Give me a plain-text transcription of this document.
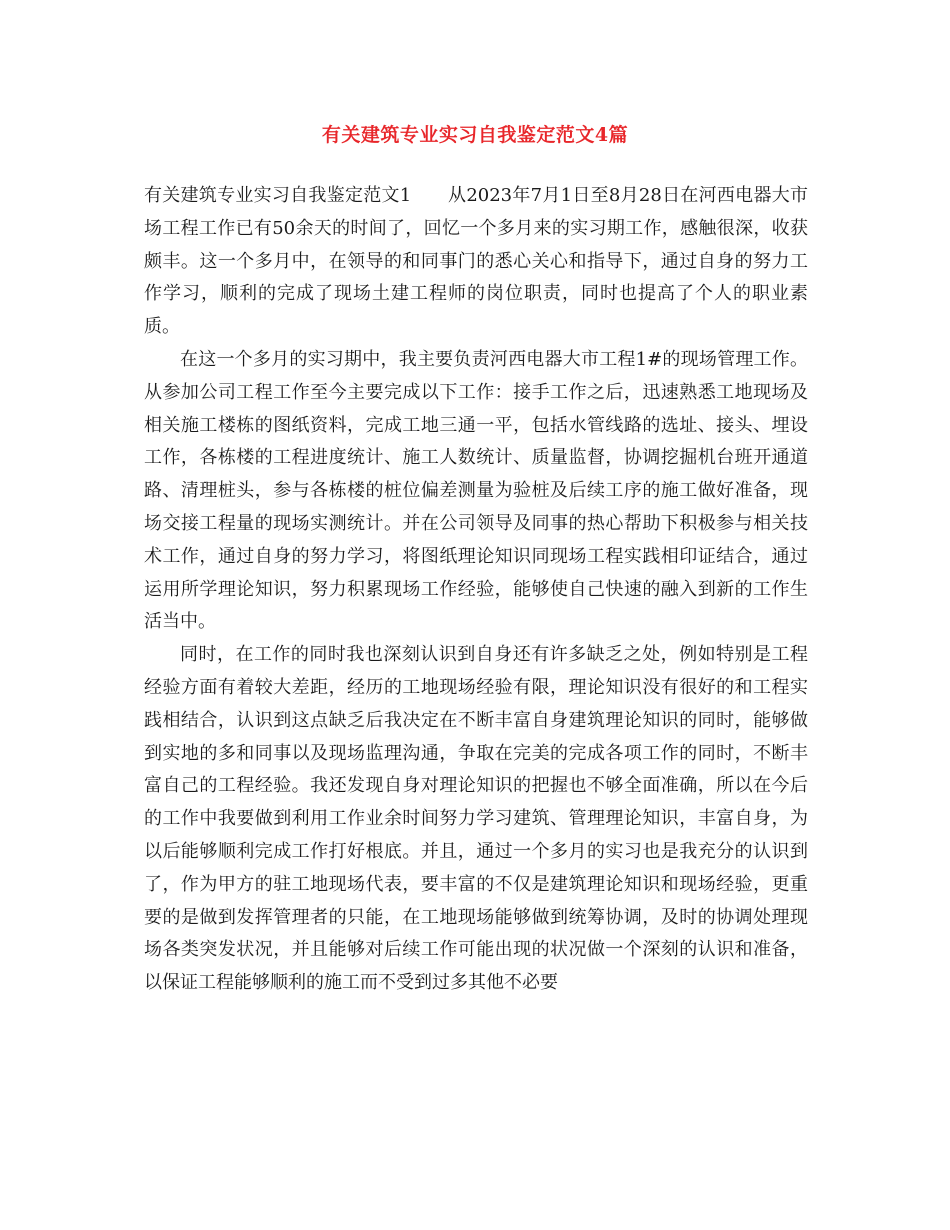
有关建筑专业实习自我鉴定范文4篇

有关建筑专业实习自我鉴定范文1　　从2023年7月1日至8月28日在河西电器大市场工程工作已有50余天的时间了，回忆一个多月来的实习期工作，感触很深，收获颇丰。这一个多月中，在领导的和同事门的悉心关心和指导下，通过自身的努力工作学习，顺利的完成了现场土建工程师的岗位职责，同时也提高了个人的职业素质。

在这一个多月的实习期中，我主要负责河西电器大市工程1#的现场管理工作。从参加公司工程工作至今主要完成以下工作：接手工作之后，迅速熟悉工地现场及相关施工楼栋的图纸资料，完成工地三通一平，包括水管线路的选址、接头、埋设工作，各栋楼的工程进度统计、施工人数统计、质量监督，协调挖掘机台班开通道路、清理桩头，参与各栋楼的桩位偏差测量为验桩及后续工序的施工做好准备，现场交接工程量的现场实测统计。并在公司领导及同事的热心帮助下积极参与相关技术工作，通过自身的努力学习，将图纸理论知识同现场工程实践相印证结合，通过运用所学理论知识，努力积累现场工作经验，能够使自己快速的融入到新的工作生活当中。

同时，在工作的同时我也深刻认识到自身还有许多缺乏之处，例如特别是工程经验方面有着较大差距，经历的工地现场经验有限，理论知识没有很好的和工程实践相结合，认识到这点缺乏后我决定在不断丰富自身建筑理论知识的同时，能够做到实地的多和同事以及现场监理沟通，争取在完美的完成各项工作的同时，不断丰富自己的工程经验。我还发现自身对理论知识的把握也不够全面准确，所以在今后的工作中我要做到利用工作业余时间努力学习建筑、管理理论知识，丰富自身，为以后能够顺利完成工作打好根底。并且，通过一个多月的实习也是我充分的认识到了，作为甲方的驻工地现场代表，要丰富的不仅是建筑理论知识和现场经验，更重要的是做到发挥管理者的只能，在工地现场能够做到统筹协调，及时的协调处理现场各类突发状况，并且能够对后续工作可能出现的状况做一个深刻的认识和准备，以保证工程能够顺利的施工而不受到过多其他不必要
